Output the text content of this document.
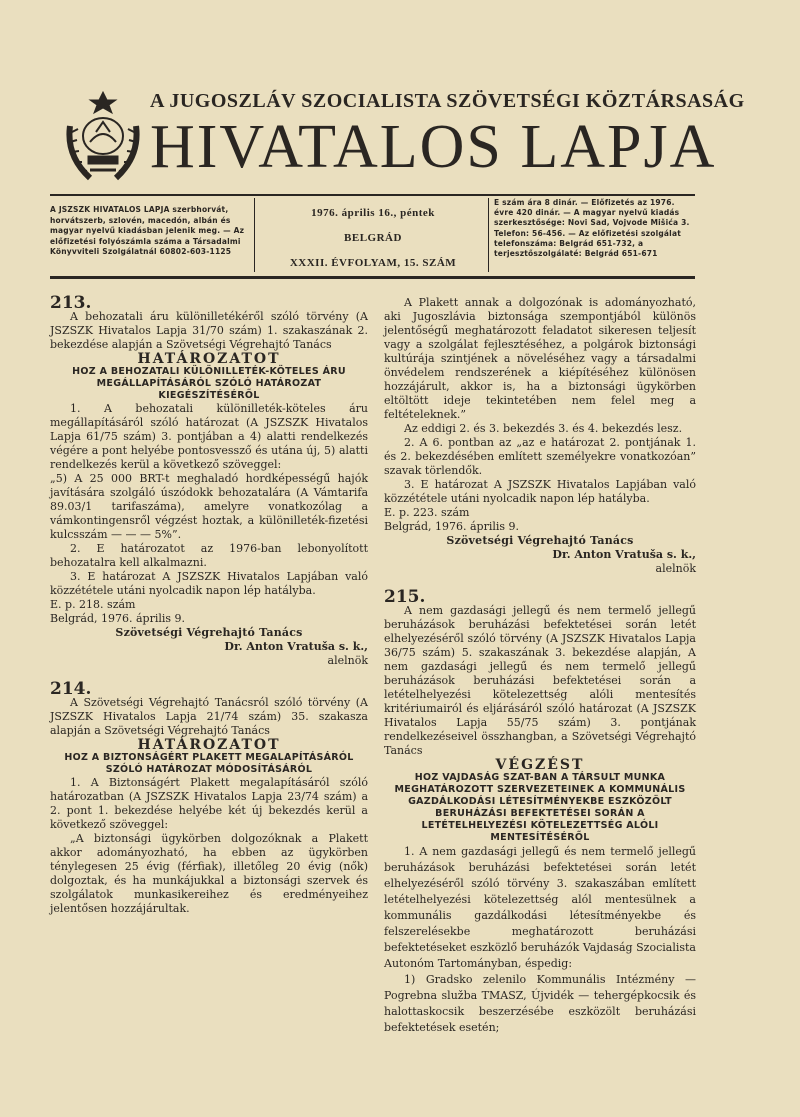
A JUGOSZLÁV SZOCIALISTA SZÖVETSÉGI KÖZTÁRSASÁG
HIVATALOS LAPJA
A JSZSZK HIVATALOS LAPJA szerbhorvát, horvátszerb, szlovén, macedón, albán és magyar nyelvű kiadásban jelenik meg. — Az előfizetési folyószámla száma a Társadalmi Könyvviteli Szolgálatnál 60802-603-1125
1976. április 16., péntek
BELGRÁD
XXXII. ÉVFOLYAM, 15. SZÁM
E szám ára 8 dinár. — Előfizetés az 1976. évre 420 dinár. — A magyar nyelvű kiadás szerkesztősége: Novi Sad, Vojvode Mišića 3. Telefon: 56-456. — Az előfizetési szolgálat telefonszáma: Belgrád 651-732, a terjesztőszolgálaté: Belgrád 651-671

213.

A behozatali áru különilletékéről szóló törvény (A JSZSZK Hivatalos Lapja 31/70 szám) 1. szakaszának 2. bekezdése alapján a Szövetségi Végrehajtó Tanács

HATÁROZATOT

HOZ A BEHOZATALI KÜLÖNILLETÉK-KÖTELES ÁRU MEGÁLLAPÍTÁSÁRÓL SZÓLÓ HATÁROZAT KIEGÉSZÍTÉSÉRŐL

1. A behozatali különilleték-köteles áru megállapításáról szóló határozat (A JSZSZK Hivatalos Lapja 61/75 szám) 3. pontjában a 4) alatti rendelkezés végére a pont helyébe pontosvessző és utána új, 5) alatti rendelkezés kerül a következő szöveggel:

„5) A 25 000 BRT-t meghaladó hordképességű hajók javítására szolgáló úszódokk behozatalára (A Vámtarifa 89.03/1 tarifaszáma), amelyre vonatkozólag a vámkontingensről végzést hoztak, a különilleték-fizetési kulcsszám — — — 5%”.

2. E határozatot az 1976-ban lebonyolított behozatalra kell alkalmazni.

3. E határozat A JSZSZK Hivatalos Lapjában való közzététele utáni nyolcadik napon lép hatályba.

E. p. 218. szám

Belgrád, 1976. április 9.

Szövetségi Végrehajtó Tanács

Dr. Anton Vratuša s. k.,

alelnök

214.

A Szövetségi Végrehajtó Tanácsról szóló törvény (A JSZSZK Hivatalos Lapja 21/74 szám) 35. szakasza alapján a Szövetségi Végrehajtó Tanács

HATÁROZATOT

HOZ A BIZTONSÁGÉRT PLAKETT MEGALAPÍTÁSÁRÓL SZÓLÓ HATÁROZAT MÓDOSÍTÁSÁRÓL

1. A Biztonságért Plakett megalapításáról szóló határozatban (A JSZSZK Hivatalos Lapja 23/74 szám) a 2. pont 1. bekezdése helyébe két új bekezdés kerül a következő szöveggel:

„A biztonsági ügykörben dolgozóknak a Plakett akkor adományozható, ha ebben az ügykörben ténylegesen 25 évig (férfiak), illetőleg 20 évig (nők) dolgoztak, és ha munkájukkal a biztonsági szervek és szolgálatok munkasikereihez és eredményeihez jelentősen hozzájárultak.

A Plakett annak a dolgozónak is adományozható, aki Jugoszlávia biztonsága szempontjából különös jelentőségű meghatározott feladatot sikeresen teljesít vagy a szolgálat fejlesztéséhez, a polgárok biztonsági kultúrája szintjének a növeléséhez vagy a társadalmi önvédelem rendszerének a kiépítéséhez különösen hozzájárult, akkor is, ha a biztonsági ügykörben eltöltött ideje tekintetében nem felel meg a feltételeknek.”

Az eddigi 2. és 3. bekezdés 3. és 4. bekezdés lesz.

2. A 6. pontban az „az e határozat 2. pontjának 1. és 2. bekezdésében említett személyekre vonatkozóan” szavak törlendők.

3. E határozat A JSZSZK Hivatalos Lapjában való közzététele utáni nyolcadik napon lép hatályba.

E. p. 223. szám

Belgrád, 1976. április 9.

Szövetségi Végrehajtó Tanács

Dr. Anton Vratuša s. k.,

alelnök

215.

A nem gazdasági jellegű és nem termelő jellegű beruházások beruházási befektetései során letét elhelyezéséről szóló törvény (A JSZSZK Hivatalos Lapja 36/75 szám) 5. szakaszának 3. bekezdése alapján, A nem gazdasági jellegű és nem termelő jellegű beruházások beruházási befektetései során a letételhelyezési kötelezettség alóli mentesítés kritériumairól és eljárásáról szóló határozat (A JSZSZK Hivatalos Lapja 55/75 szám) 3. pontjának rendelkezéseivel összhangban, a Szövetségi Végrehajtó Tanács

VÉGZÉST

HOZ VAJDASÁG SZAT-BAN A TÁRSULT MUNKA MEGHATÁROZOTT SZERVEZETEINEK A KOMMUNÁLIS GAZDÁLKODÁSI LÉTESÍTMÉNYEKBE ESZKÖZÖLT BERUHÁZÁSI BEFEKTETÉSEI SORÁN A LETÉTELHELYEZÉSI KÖTELEZETTSÉG ALÓLI MENTESÍTÉSÉRŐL

1. A nem gazdasági jellegű és nem termelő jellegű beruházások beruházási befektetései során letét elhelyezéséről szóló törvény 3. szakaszában említett letételhelyezési kötelezettség alól mentesülnek a kommunális gazdálkodási létesítményekbe és felszerelésekbe meghatározott beruházási befektetéseket eszközlő beruházók Vajdaság Szocialista Autonóm Tartományban, éspedig:

1) Gradsko zelenilo Kommunális Intézmény — Pogrebna služba TMASZ, Újvidék — tehergépkocsik és halottaskocsik beszerzésébe eszközölt beruházási befektetések esetén;
